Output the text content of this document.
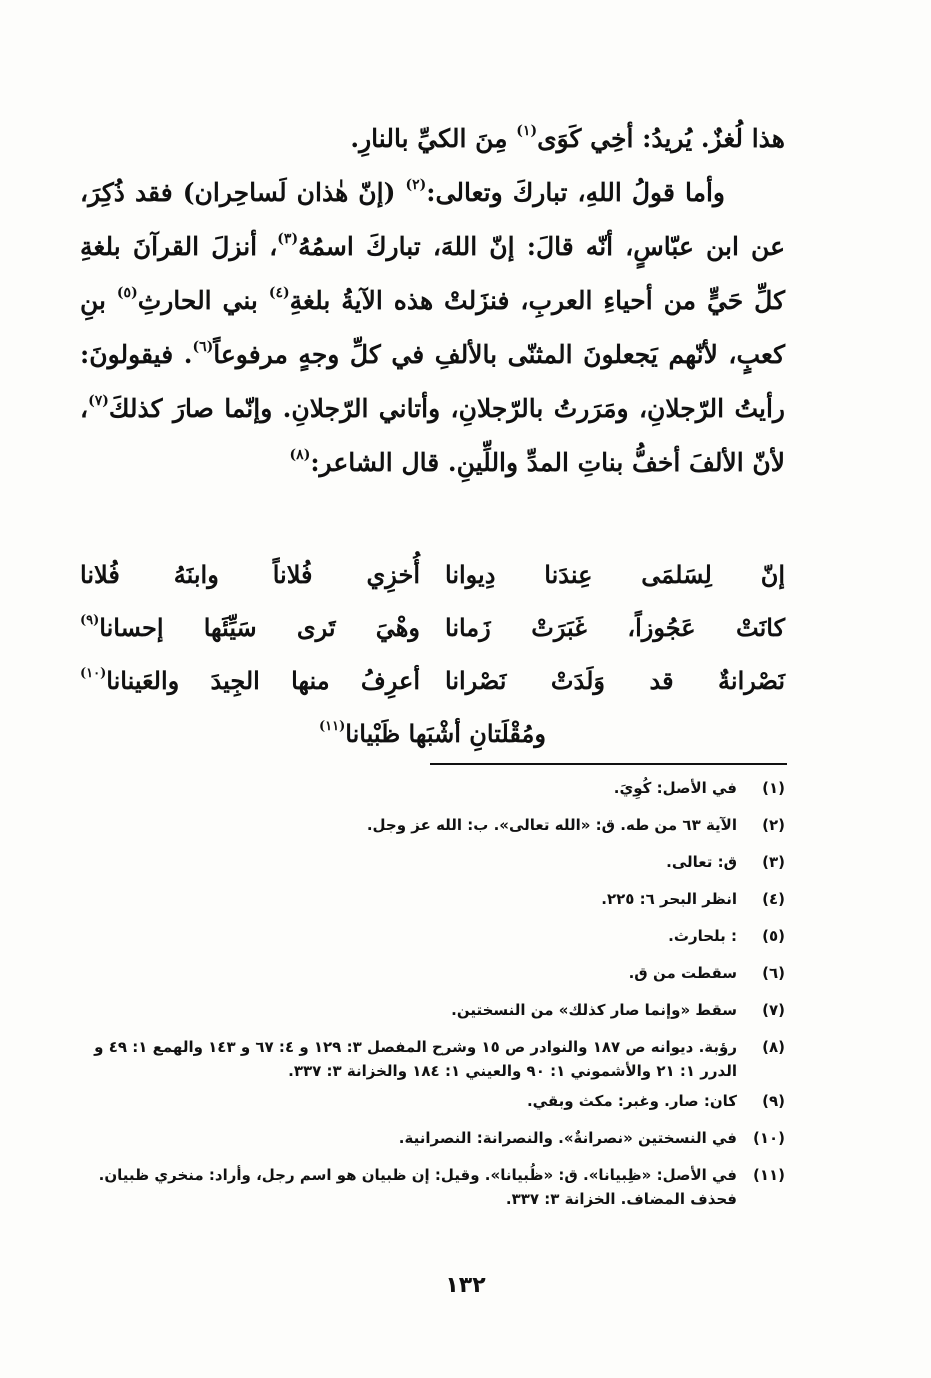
هذا لُغزٌ. يُريدُ: أخِي كَوَى$^{(١)}$ مِنَ الكيِّ بالنارِ.

وأما قولُ اللهِ، تباركَ وتعالى:$^{(٢)}$ (إنّ هٰذان لَساحِران) فقد ذُكِرَ، عن ابن عبّاسٍ، أنّه قالَ: إنّ اللهَ، تباركَ اسمُهُ$^{(٣)}$، أنزلَ القرآنَ بلغةِ كلِّ حَيٍّ من أحياءِ العربِ، فنزَلتْ هذه الآيةُ بلغةِ$^{(٤)}$ بني الحارثِ$^{(٥)}$ بنِ كعبٍ، لأنّهم يَجعلونَ المثنّى بالألفِ في كلِّ وجهٍ مرفوعاً$^{(٦)}$. فيقولونَ: رأيتُ الرّجلانِ، ومَرَرتُ بالرّجلانِ، وأتاني الرّجلانِ. وإنّما صارَ كذلكَ$^{(٧)}$، لأنّ الألفَ أخفُّ بناتِ المدِّ واللِّينِ. قال الشاعر:$^{(٨)}$

إنّ لِسَلمَى عِندَنا دِيوانا
أُخزِي فُلاناً وابنَهُ فُلانا
كانَتْ عَجُوزاً، غَبَرَتْ زَمانا
وهْيَ تَرى سَيِّئَها إحسانا$^{(٩)}$
نَصْرانةٌ قد وَلَدَتْ نَصْرانا
أعرِفُ منها الجِيدَ والعَينانا$^{(١٠)}$
ومُقْلَتانِ أشْبَها ظَبْيانا$^{(١١)}$
(١)
في الأصل: كُوِيَ.
(٢)
الآية ٦٣ من طه. ق: «الله تعالى». ب: الله عز وجل.
(٣)
ق: تعالى.
(٤)
انظر البحر ٦: ٢٢٥.
(٥)
: بلحارث.
(٦)
سقطت من ق.
(٧)
سقط «وإنما صار كذلك» من النسختين.
(٨)
رؤبة. ديوانه ص ١٨٧ والنوادر ص ١٥ وشرح المفصل ٣: ١٢٩ و ٤: ٦٧ و ١٤٣ والهمع ١: ٤٩ و الدرر ١: ٢١ والأشموني ١: ٩٠ والعيني ١: ١٨٤ والخزانة ٣: ٣٣٧.
(٩)
كان: صار. وغبر: مكث وبقي.
(١٠)
في النسختين «نصرانةٌ». والنصرانة: النصرانية.
(١١)
في الأصل: «ظِبيانا». ق: «ظُبيانا». وقيل: إن ظبيان هو اسم رجل، وأراد: منخري ظبيان. فحذف المضاف. الخزانة ٣: ٣٣٧.
١٣٢
